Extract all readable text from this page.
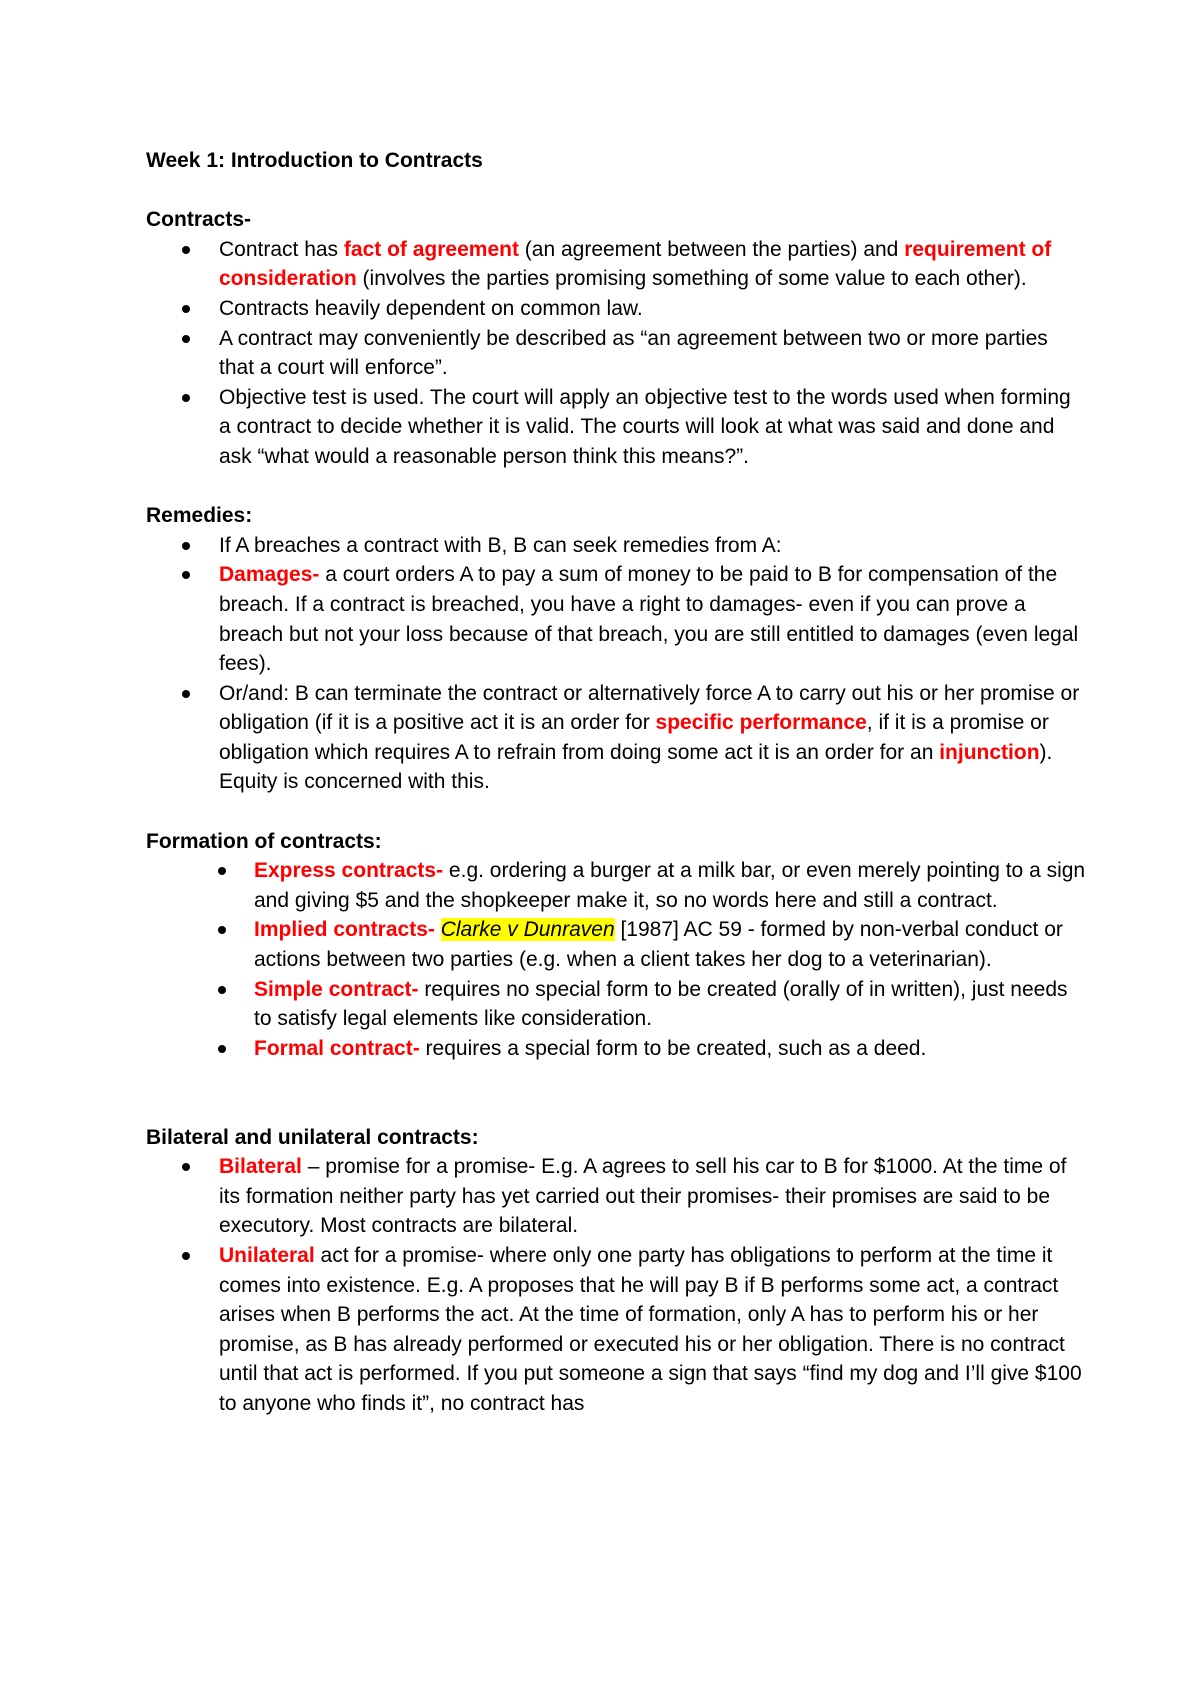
Week 1: Introduction to Contracts

Contracts-

Contract has fact of agreement (an agreement between the parties) and requirement of consideration (involves the parties promising something of some value to each other).
Contracts heavily dependent on common law.
A contract may conveniently be described as “an agreement between two or more parties that a court will enforce”.
Objective test is used. The court will apply an objective test to the words used when forming a contract to decide whether it is valid. The courts will look at what was said and done and ask “what would a reasonable person think this means?”.

Remedies:

If A breaches a contract with B, B can seek remedies from A:
Damages- a court orders A to pay a sum of money to be paid to B for compensation of the breach. If a contract is breached, you have a right to damages- even if you can prove a breach but not your loss because of that breach, you are still entitled to damages (even legal fees).
Or/and: B can terminate the contract or alternatively force A to carry out his or her promise or obligation (if it is a positive act it is an order for specific performance, if it is a promise or obligation which requires A to refrain from doing some act it is an order for an injunction). Equity is concerned with this.

Formation of contracts:

Express contracts- e.g. ordering a burger at a milk bar, or even merely pointing to a sign and giving $5 and the shopkeeper make it, so no words here and still a contract.
Implied contracts- Clarke v Dunraven [1987] AC 59 - formed by non-verbal conduct or actions between two parties (e.g. when a client takes her dog to a veterinarian).
Simple contract- requires no special form to be created (orally of in written), just needs to satisfy legal elements like consideration.
Formal contract- requires a special form to be created, such as a deed.

Bilateral and unilateral contracts:

Bilateral – promise for a promise- E.g. A agrees to sell his car to B for $1000. At the time of its formation neither party has yet carried out their promises- their promises are said to be executory. Most contracts are bilateral.
Unilateral act for a promise- where only one party has obligations to perform at the time it comes into existence. E.g. A proposes that he will pay B if B performs some act, a contract arises when B performs the act. At the time of formation, only A has to perform his or her promise, as B has already performed or executed his or her obligation. There is no contract until that act is performed. If you put someone a sign that says “find my dog and I’ll give $100 to anyone who finds it”, no contract has
